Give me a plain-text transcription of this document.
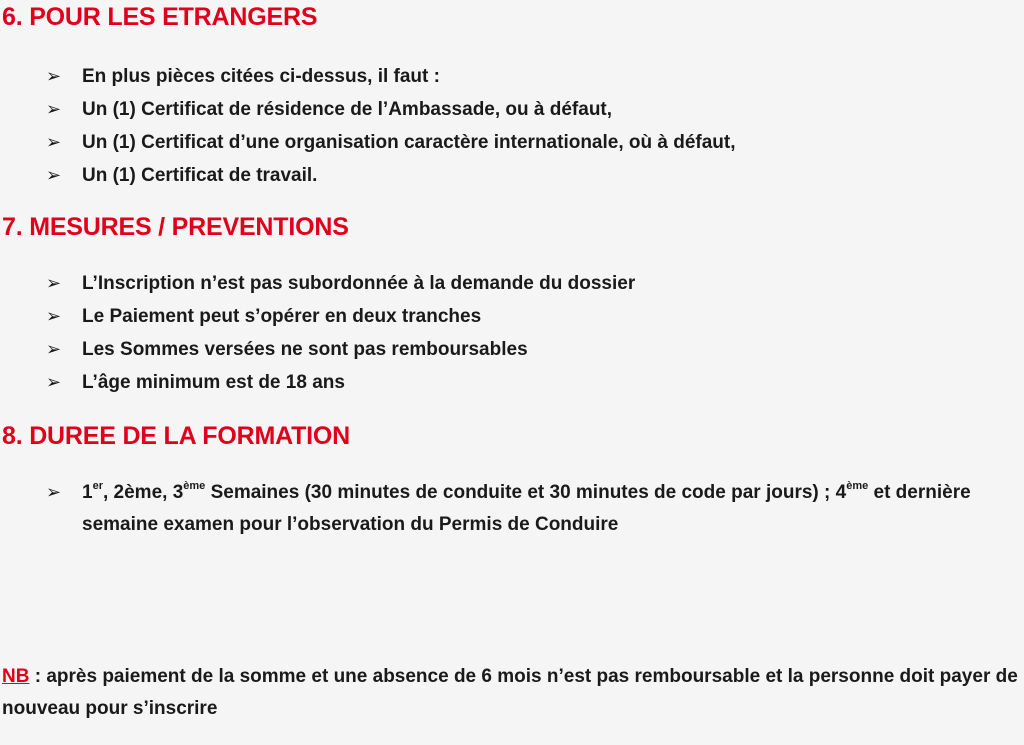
6. POUR LES ETRANGERS
➢ En plus pièces citées ci-dessus, il faut :
➢ Un (1) Certificat de résidence de l’Ambassade, ou à défaut,
➢ Un (1) Certificat d’une organisation caractère internationale, où à défaut,
➢ Un (1) Certificat de travail.
7. MESURES / PREVENTIONS
➢ L’Inscription n’est pas subordonnée à la demande du dossier
➢ Le Paiement peut s’opérer en deux tranches
➢ Les Sommes versées ne sont pas remboursables
➢ L’âge minimum est de 18 ans
8. DUREE DE LA FORMATION
➢ 1er, 2ème, 3ème Semaines (30 minutes de conduite et 30 minutes de code par jours) ; 4ème et dernière semaine examen pour l’observation du Permis de Conduire

NB : après paiement de la somme et une absence de 6 mois n’est pas remboursable et la personne doit payer de nouveau pour s’inscrire
